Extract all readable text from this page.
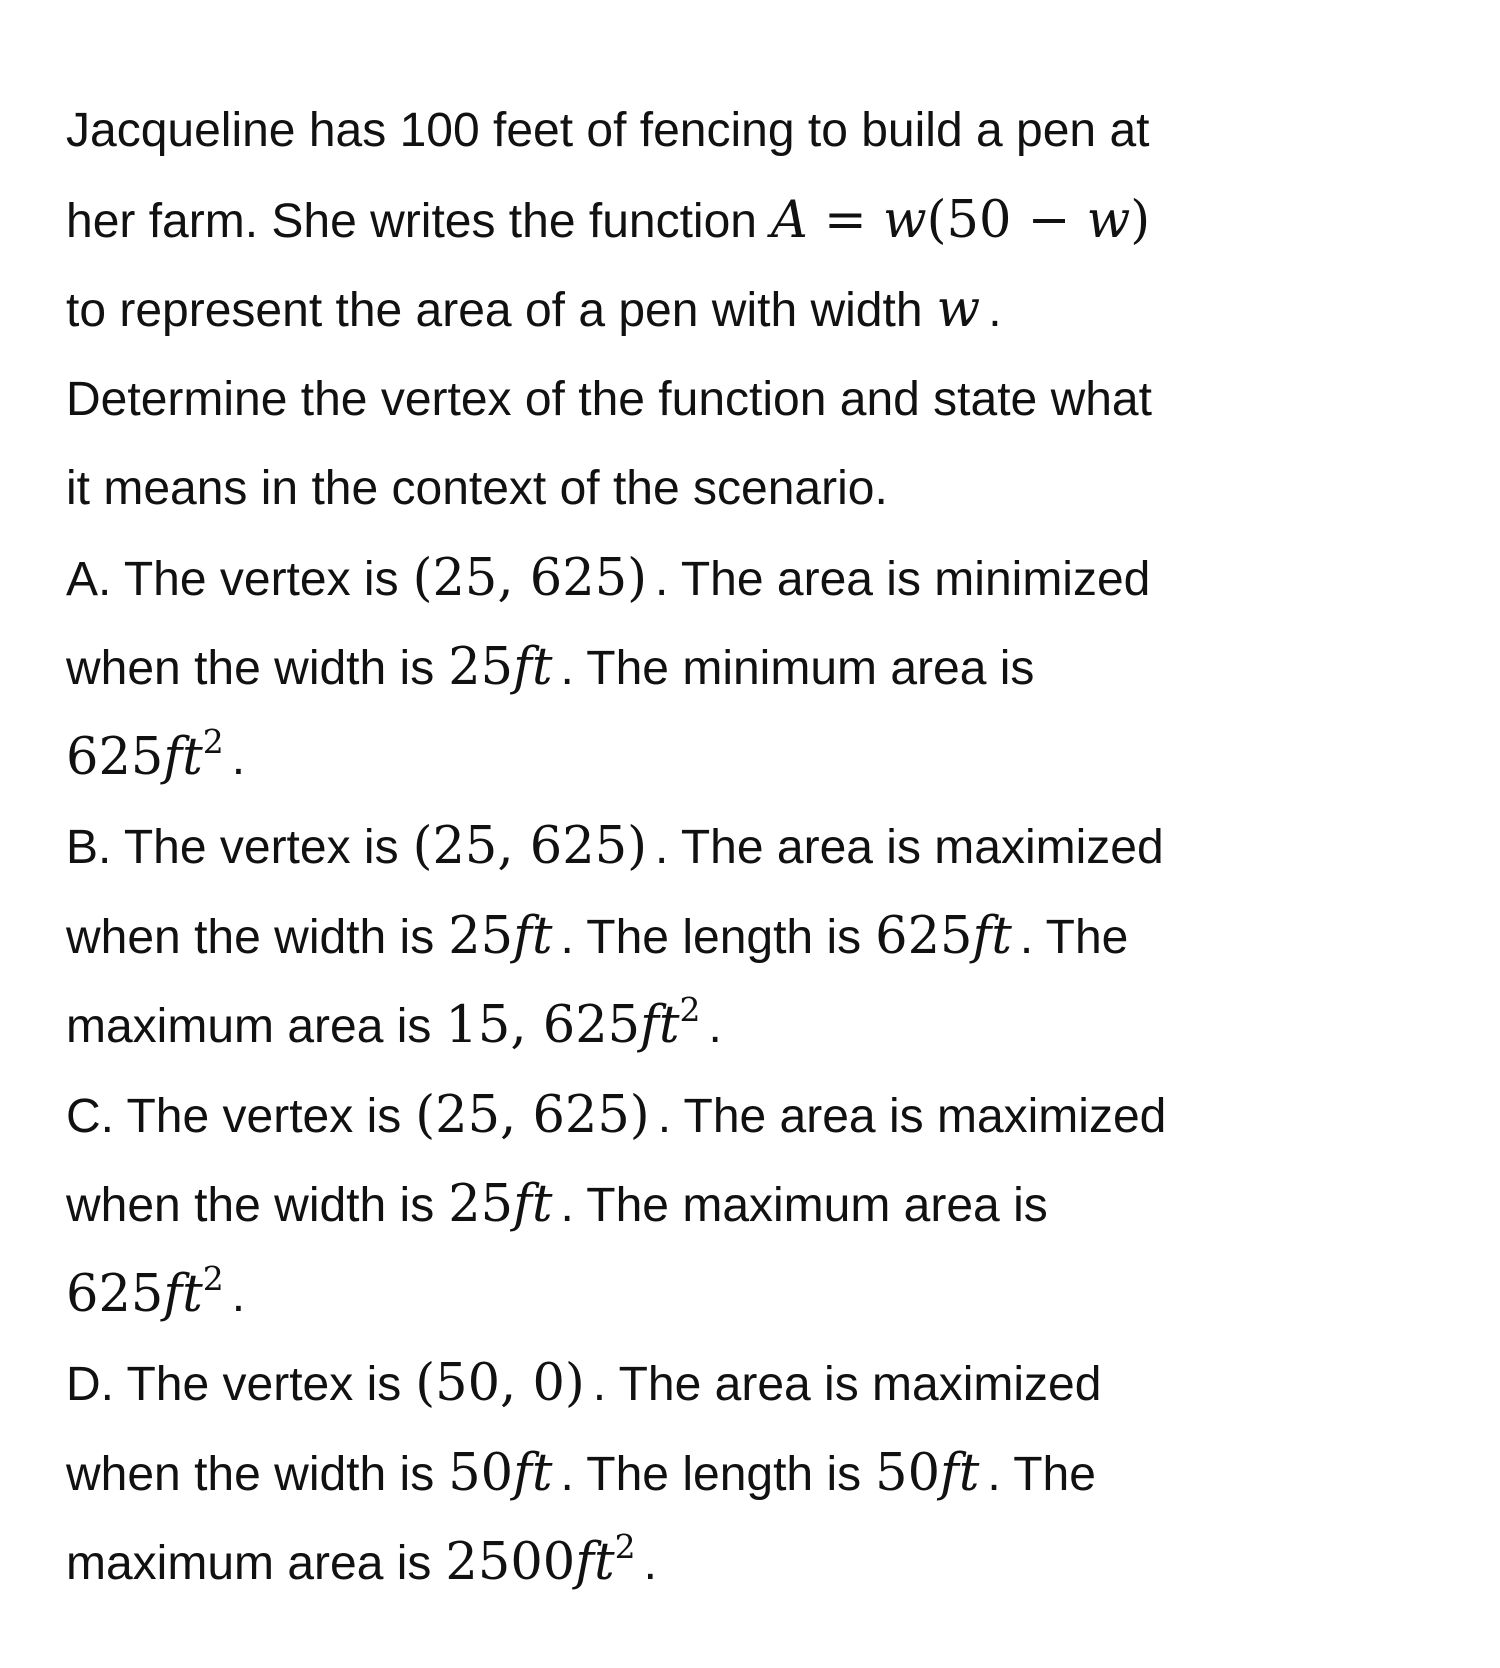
Jacqueline has 100 feet of fencing to build a pen at
her farm. She writes the function A = w(50 − w)
to represent the area of a pen with width w .
Determine the vertex of the function and state what
it means in the context of the scenario.
A. The vertex is (25, 625) . The area is minimized
when the width is 25ft . The minimum area is
$625ft^2$ .
B. The vertex is (25, 625) . The area is maximized
when the width is 25ft . The length is 625ft . The
maximum area is 15, $625ft^2$ .
C. The vertex is (25, 625) . The area is maximized
when the width is 25ft . The maximum area is
$625ft^2$ .
D. The vertex is (50, 0) . The area is maximized
when the width is 50ft . The length is 50ft . The
maximum area is $2500ft^2$ .
